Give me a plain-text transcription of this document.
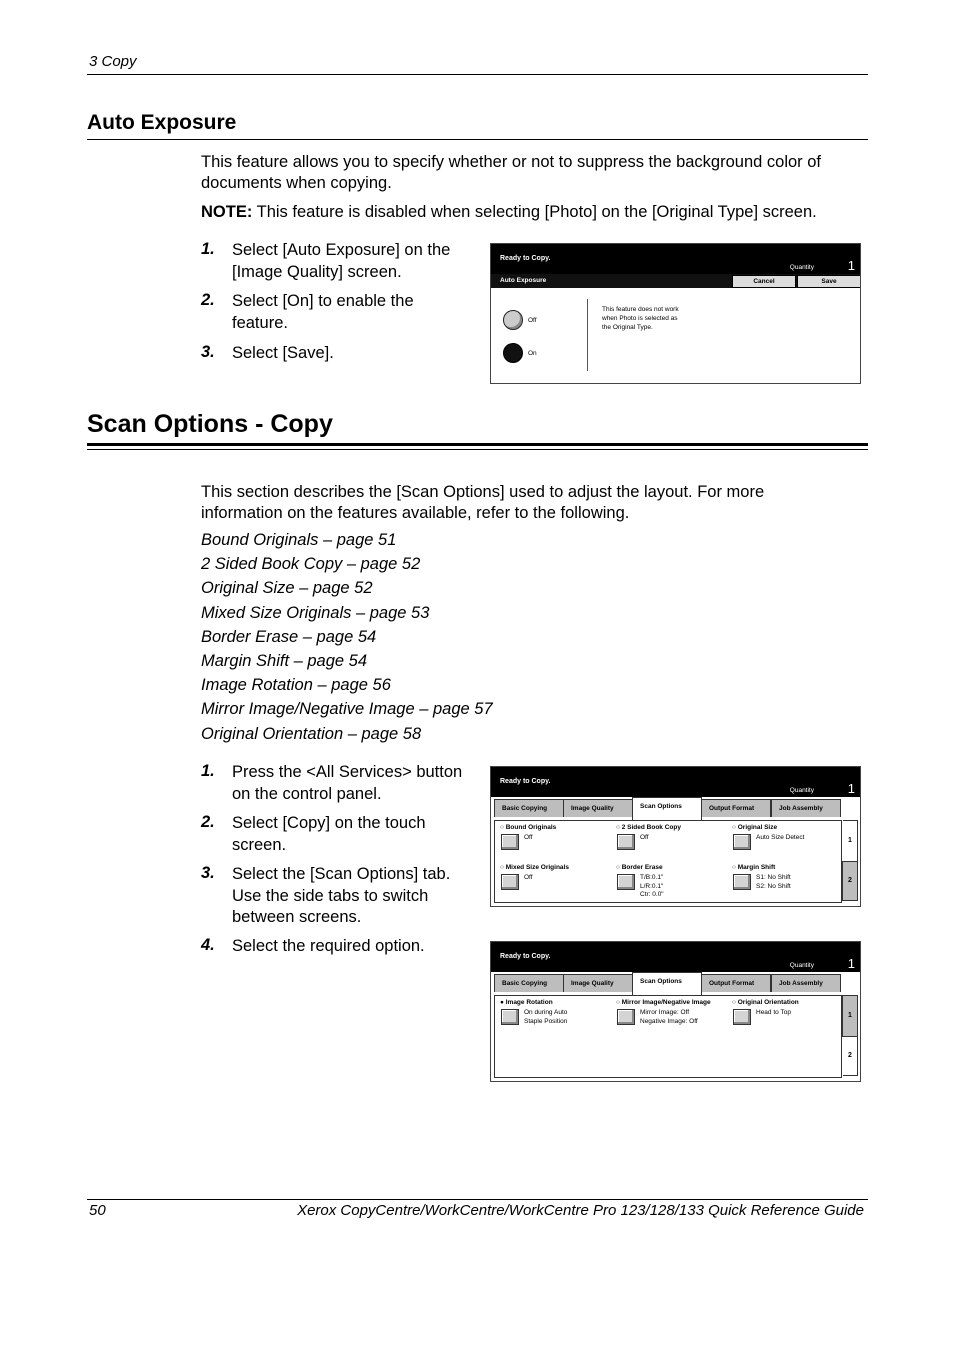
3 Copy
Auto Exposure
This feature allows you to specify whether or not to suppress the background color of
documents when copying.
NOTE: This feature is disabled when selecting [Photo] on the [Original Type] screen.
1. Select [Auto Exposure] on the
[Image Quality] screen.
2. Select [On] to enable the
feature.
3. Select [Save].
Ready to Copy.
Quantity	1
Auto Exposure	Cancel	Save
Off
On
This feature does not work
when Photo is selected as
the Original Type.
Scan Options - Copy
This section describes the [Scan Options] used to adjust the layout. For more
information on the features available, refer to the following.
Bound Originals – page 51
2 Sided Book Copy – page 52
Original Size – page 52
Mixed Size Originals – page 53
Border Erase – page 54
Margin Shift – page 54
Image Rotation – page 56
Mirror Image/Negative Image – page 57
Original Orientation – page 58
1. Press the <All Services> button
on the control panel.
2. Select [Copy] on the touch
screen.
3. Select the [Scan Options] tab.
Use the side tabs to switch
between screens.
4. Select the required option.
Ready to Copy.
Quantity	1
Basic Copying	Image Quality	Scan Options	Output Format	Job Assembly
○ Bound Originals
Off
○ 2 Sided Book Copy
Off
○ Original Size
Auto Size Detect
○ Mixed Size Originals
Off
○ Border Erase
T/B:0.1"
L/R:0.1"
Ctr: 0.0"
○ Margin Shift
S1: No Shift
S2: No Shift
1
2
Ready to Copy.
Quantity	1
Basic Copying	Image Quality	Scan Options	Output Format	Job Assembly
● Image Rotation
On during Auto
Staple Position
○ Mirror Image/Negative Image
Mirror Image: Off
Negative Image: Off
○ Original Orientation
Head to Top	1
2
50	Xerox CopyCentre/WorkCentre/WorkCentre Pro 123/128/133 Quick Reference Guide
